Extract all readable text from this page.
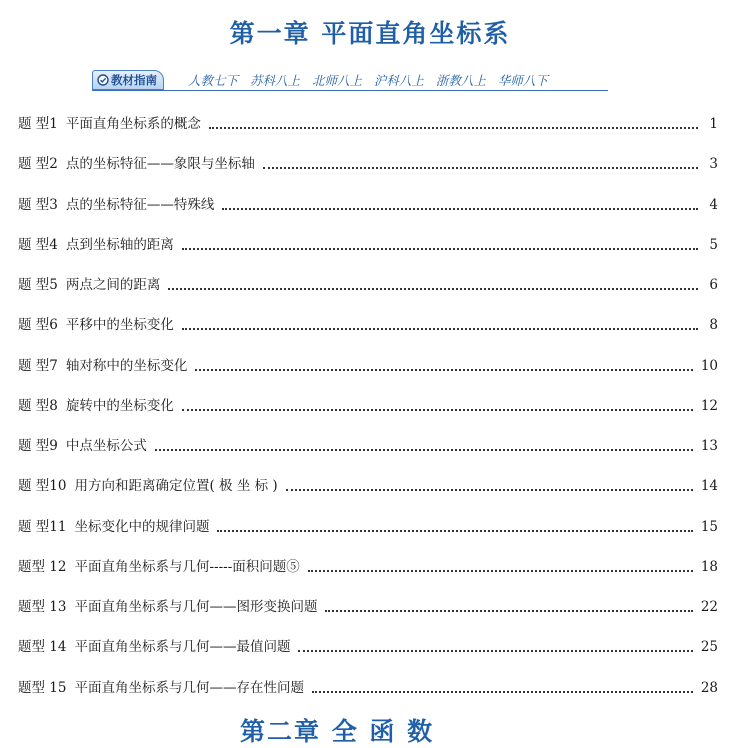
第一章 平面直角坐标系
教材指南 人教七下 苏科八上 北师八上 沪科八上 浙教八上 华师八下
题 型1 平面直角坐标系的概念	1
题 型2 点的坐标特征——象限与坐标轴	3
题 型3 点的坐标特征——特殊线	4
题 型4 点到坐标轴的距离	5
题 型5 两点之间的距离	6
题 型6 平移中的坐标变化	8
题 型7 轴对称中的坐标变化	10
题 型8 旋转中的坐标变化	12
题 型9 中点坐标公式	13
题 型10 用方向和距离确定位置( 极 坐 标 )	14
题 型11 坐标变化中的规律问题	15
题型 12 平面直角坐标系与几何-----面积问题⑤	18
题型 13 平面直角坐标系与几何——图形变换问题	22
题型 14 平面直角坐标系与几何——最值问题	25
题型 15 平面直角坐标系与几何——存在性问题	28
第二章 全 函 数
